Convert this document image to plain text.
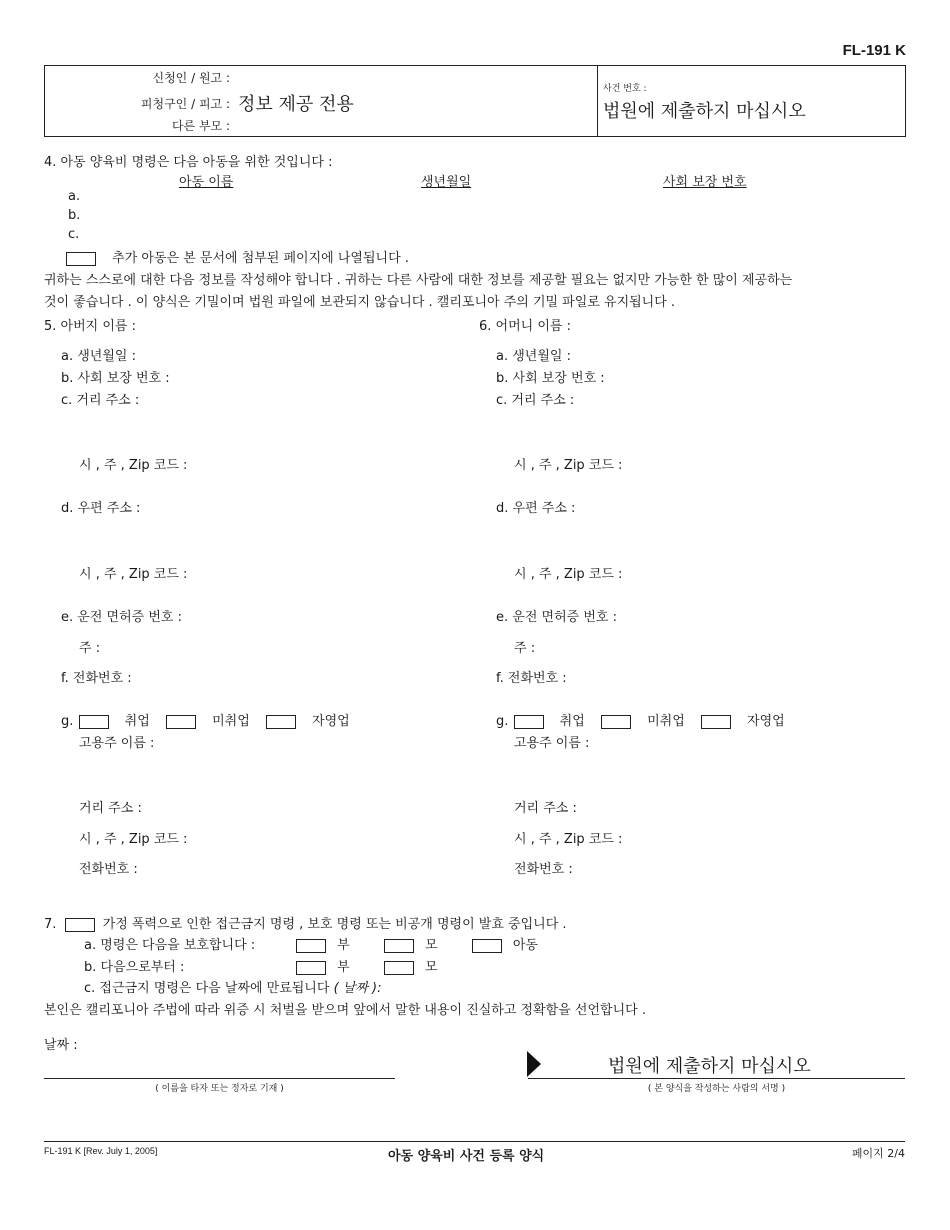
FL-191 K
신청인 / 원고 :
피청구인 / 피고 : 정보 제공 전용
다른 부모 :
사건 번호 :
법원에 제출하지 마십시오
4. 아동 양육비 명령은 다음 아동을 위한 것입니다 :
아동 이름	생년월일	사회 보장 번호
a.
b.
c.
추가 아동은 본 문서에 첨부된 페이지에 나열됩니다 .
귀하는 스스로에 대한 다음 정보를 작성해야 합니다 . 귀하는 다른 사람에 대한 정보를 제공할 필요는 없지만 가능한 한 많이 제공하는
것이 좋습니다 . 이 양식은 기밀이며 법원 파일에 보관되지 않습니다 . 캘리포니아 주의 기밀 파일로 유지됩니다 .
5. 아버지 이름 :
a. 생년월일 :
b. 사회 보장 번호 :
c. 거리 주소 :
시 , 주 , Zip 코드 :
d. 우편 주소 :
시 , 주 , Zip 코드 :
e. 운전 면허증 번호 :
주 :
f. 전화번호 :
g.	취업	미취업	자영업
고용주 이름 :
거리 주소 :
시 , 주 , Zip 코드 :
전화번호 :
6. 어머니 이름 :
a. 생년월일 :
b. 사회 보장 번호 :
c. 거리 주소 :
시 , 주 , Zip 코드 :
d. 우편 주소 :
시 , 주 , Zip 코드 :
e. 운전 면허증 번호 :
주 :
f. 전화번호 :
g.	취업	미취업	자영업
고용주 이름 :
거리 주소 :
시 , 주 , Zip 코드 :
전화번호 :
7.	가정 폭력으로 인한 접근금지 명령 , 보호 명령 또는 비공개 명령이 발효 중입니다 .
a. 명령은 다음을 보호합니다 :	부	모	아동
b. 다음으로부터 :	부	모
c. 접근금지 명령은 다음 날짜에 만료됩니다 ( 날짜 ):
본인은 캘리포니아 주법에 따라 위증 시 처벌을 받으며 앞에서 말한 내용이 진실하고 정확함을 선언합니다 .
날짜 :
( 이름을 타자 또는 정자로 기재 )
법원에 제출하지 마십시오
( 본 양식을 작성하는 사람의 서명 )
FL-191 K [Rev. July 1, 2005]	아동 양육비 사건 등록 양식	페이지 2/4
